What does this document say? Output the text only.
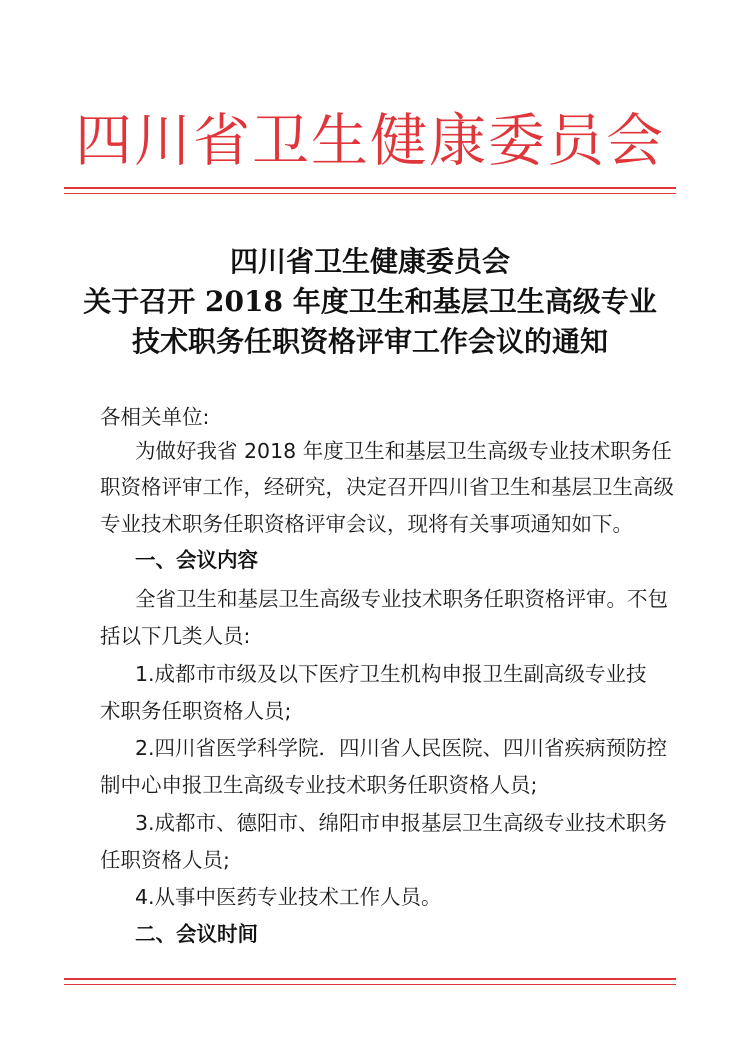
四川省卫生健康委员会
四川省卫生健康委员会
关于召开 2018 年度卫生和基层卫生高级专业
技术职务任职资格评审工作会议的通知
各相关单位:
为做好我省 2018 年度卫生和基层卫生高级专业技术职务任
职资格评审工作，经研究，决定召开四川省卫生和基层卫生高级
专业技术职务任职资格评审会议，现将有关事项通知如下。
一、会议内容
全省卫生和基层卫生高级专业技术职务任职资格评审。不包
括以下几类人员:
1.成都市市级及以下医疗卫生机构申报卫生副高级专业技
术职务任职资格人员;
2.四川省医学科学院．四川省人民医院、四川省疾病预防控
制中心申报卫生高级专业技术职务任职资格人员;
3.成都市、德阳市、绵阳市申报基层卫生高级专业技术职务
任职资格人员;
4.从事中医药专业技术工作人员。
二、会议时间
